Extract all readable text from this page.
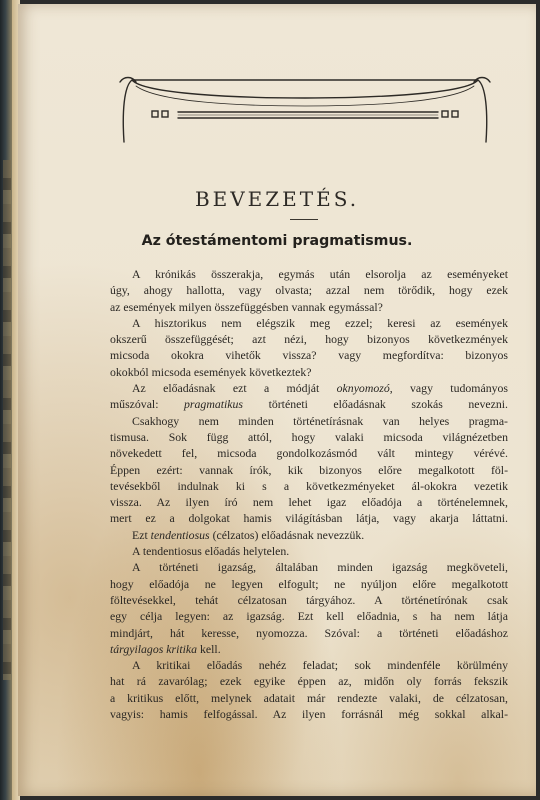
BEVEZETÉS.
Az ótestámentomi pragmatismus.
A krónikás összerakja, egymás után elsorolja az eseményeket
úgy, ahogy hallotta, vagy olvasta; azzal nem törődik, hogy ezek
az események milyen összefüggésben vannak egymással?
A hisztorikus nem elégszik meg ezzel; keresi az események
okszerű összefüggését; azt nézi, hogy bizonyos következmények
micsoda okokra vihetők vissza? vagy megfordítva: bizonyos
okokból micsoda események következtek?
Az előadásnak ezt a módját oknyomozó, vagy tudományos
műszóval: pragmatikus történeti előadásnak szokás nevezni.
Csakhogy nem minden történetírásnak van helyes pragma-
tismusa. Sok függ attól, hogy valaki micsoda világnézetben
növekedett fel, micsoda gondolkozásmód vált mintegy vérévé.
Éppen ezért: vannak írók, kik bizonyos előre megalkotott föl-
tevésekből indulnak ki s a következményeket ál-okokra vezetik
vissza. Az ilyen író nem lehet igaz előadója a történelemnek,
mert ez a dolgokat hamis világításban látja, vagy akarja láttatni.
Ezt tendentiosus (célzatos) előadásnak nevezzük.
A tendentiosus előadás helytelen.
A történeti igazság, általában minden igazság megköveteli,
hogy előadója ne legyen elfogult; ne nyúljon előre megalkotott
föltevésekkel, tehát célzatosan tárgyához. A történetírónak csak
egy célja legyen: az igazság. Ezt kell előadnia, s ha nem látja
mindjárt, hát keresse, nyomozza. Szóval: a történeti előadáshoz
tárgyilagos kritika kell.
A kritikai előadás nehéz feladat; sok mindenféle körülmény
hat rá zavarólag; ezek egyike éppen az, midőn oly forrás fekszik
a kritikus előtt, melynek adatait már rendezte valaki, de célzatosan,
vagyis: hamis felfogással. Az ilyen forrásnál még sokkal alkal-
